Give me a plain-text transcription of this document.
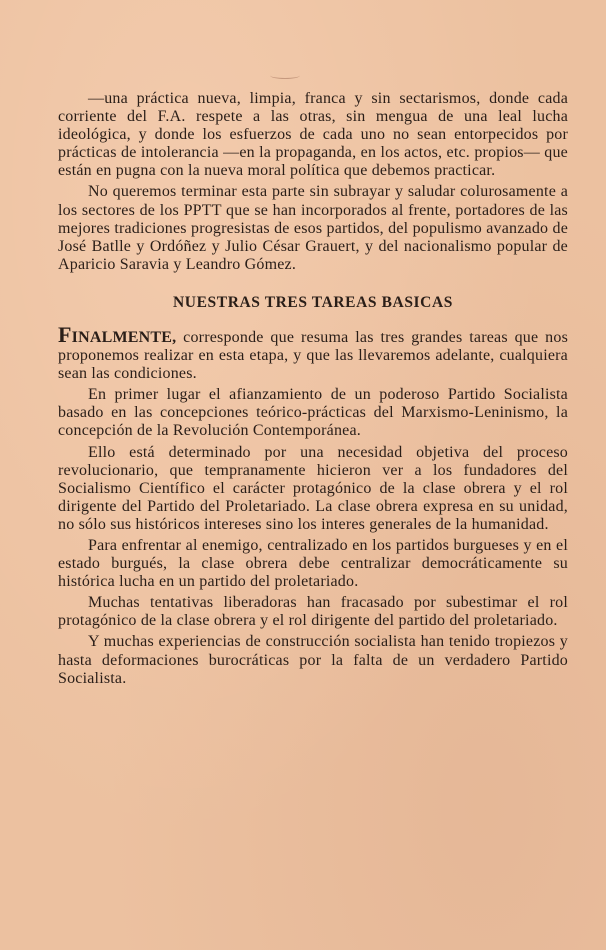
—una práctica nueva, limpia, franca y sin sectarismos, donde cada corriente del F.A. respete a las otras, sin mengua de una leal lucha ideológica, y donde los esfuerzos de cada uno no sean entorpecidos por prácticas de intolerancia —en la propaganda, en los actos, etc. propios— que están en pugna con la nueva moral política que debemos practicar.

No queremos terminar esta parte sin subrayar y saludar colurosamente a los sectores de los PPTT que se han incorporados al frente, portadores de las mejores tradiciones progresistas de esos partidos, del populismo avanzado de José Batlle y Ordóñez y Julio César Grauert, y del nacionalismo popular de Aparicio Saravia y Leandro Gómez.

NUESTRAS TRES TAREAS BASICAS

FINALMENTE, corresponde que resuma las tres grandes tareas que nos proponemos realizar en esta etapa, y que las llevaremos adelante, cualquiera sean las condiciones.

En primer lugar el afianzamiento de un poderoso Partido Socialista basado en las concepciones teórico-prácticas del Marxismo-Leninismo, la concepción de la Revolución Contemporánea.

Ello está determinado por una necesidad objetiva del proceso revolucionario, que tempranamente hicieron ver a los fundadores del Socialismo Científico el carácter protagónico de la clase obrera y el rol dirigente del Partido del Proletariado. La clase obrera expresa en su unidad, no sólo sus históricos intereses sino los interes generales de la humanidad.

Para enfrentar al enemigo, centralizado en los partidos burgueses y en el estado burgués, la clase obrera debe centralizar democráticamente su histórica lucha en un partido del proletariado.

Muchas tentativas liberadoras han fracasado por subestimar el rol protagónico de la clase obrera y el rol dirigente del partido del proletariado.

Y muchas experiencias de construcción socialista han tenido tropiezos y hasta deformaciones burocráticas por la falta de un verdadero Partido Socialista.
